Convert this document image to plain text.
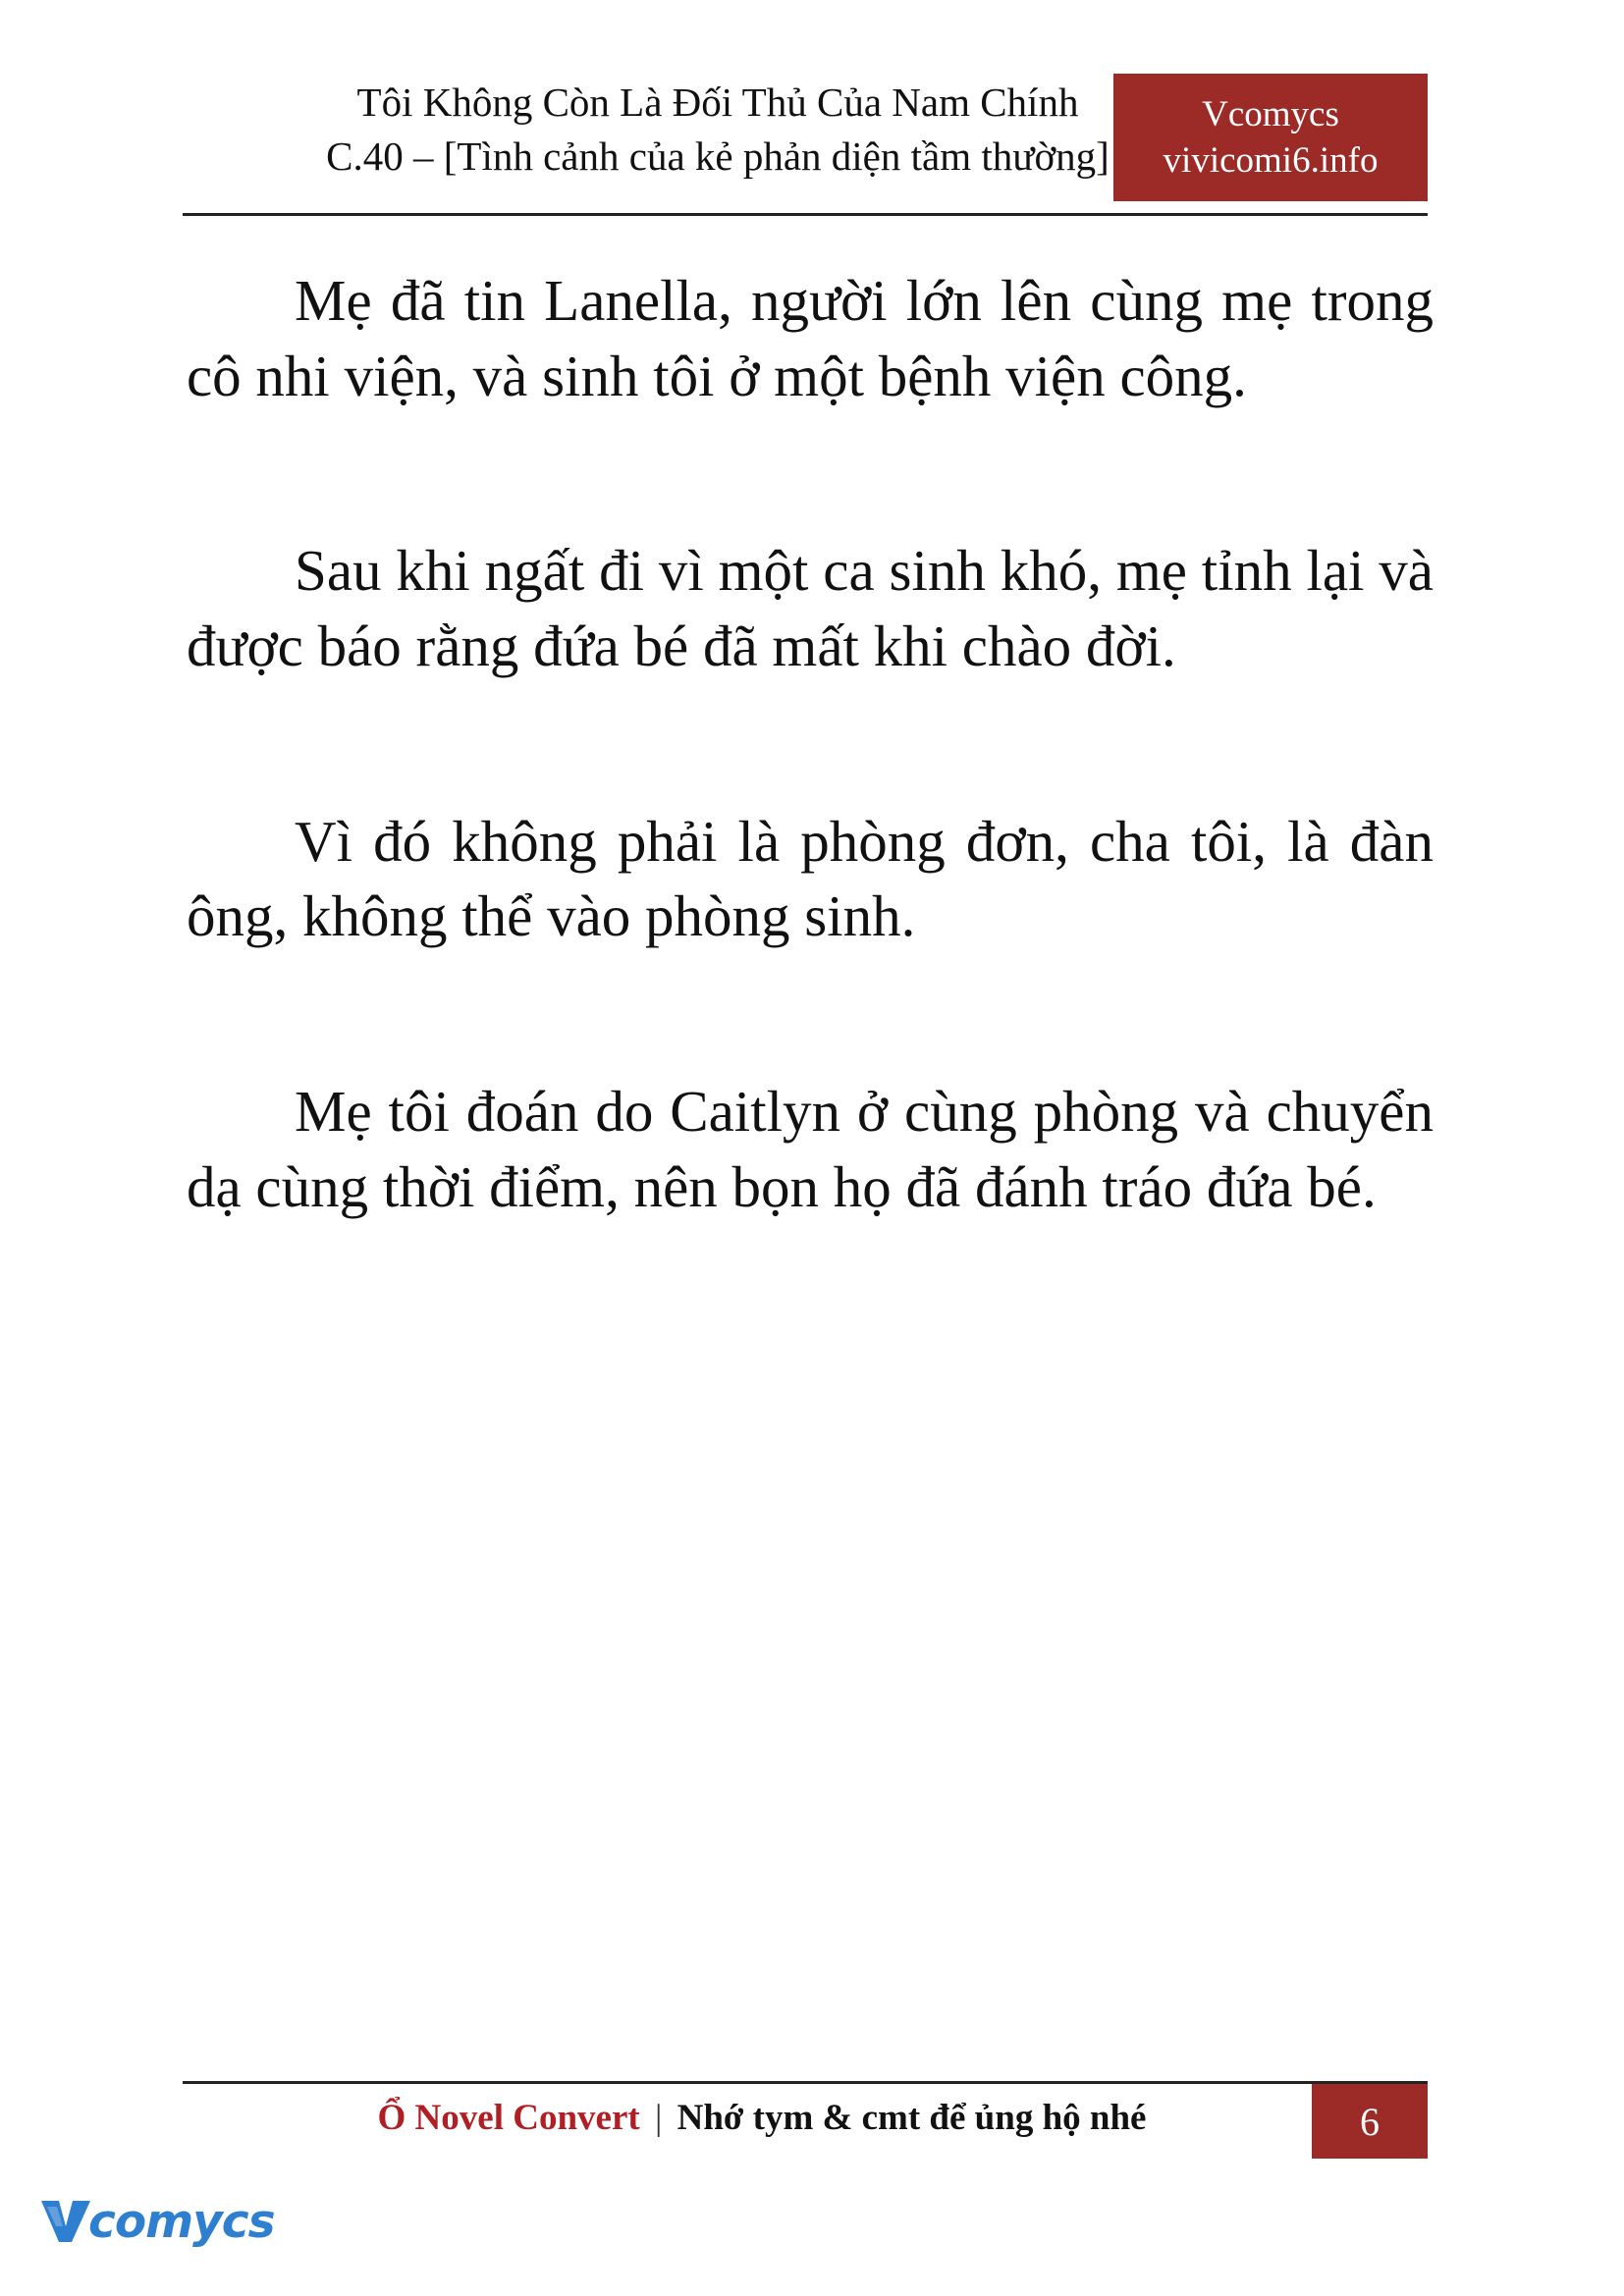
Tôi Không Còn Là Đối Thủ Của Nam Chính
C.40 – [Tình cảnh của kẻ phản diện tầm thường]
Vcomycs
vivicomi6.info

Mẹ đã tin Lanella, người lớn lên cùng mẹ trong cô nhi viện, và sinh tôi ở một bệnh viện công.

Sau khi ngất đi vì một ca sinh khó, mẹ tỉnh lại và được báo rằng đứa bé đã mất khi chào đời.

Vì đó không phải là phòng đơn, cha tôi, là đàn ông, không thể vào phòng sinh.

Mẹ tôi đoán do Caitlyn ở cùng phòng và chuyển dạ cùng thời điểm, nên bọn họ đã đánh tráo đứa bé.

Ổ Novel Convert | Nhớ tym & cmt để ủng hộ nhé	6
comycs
